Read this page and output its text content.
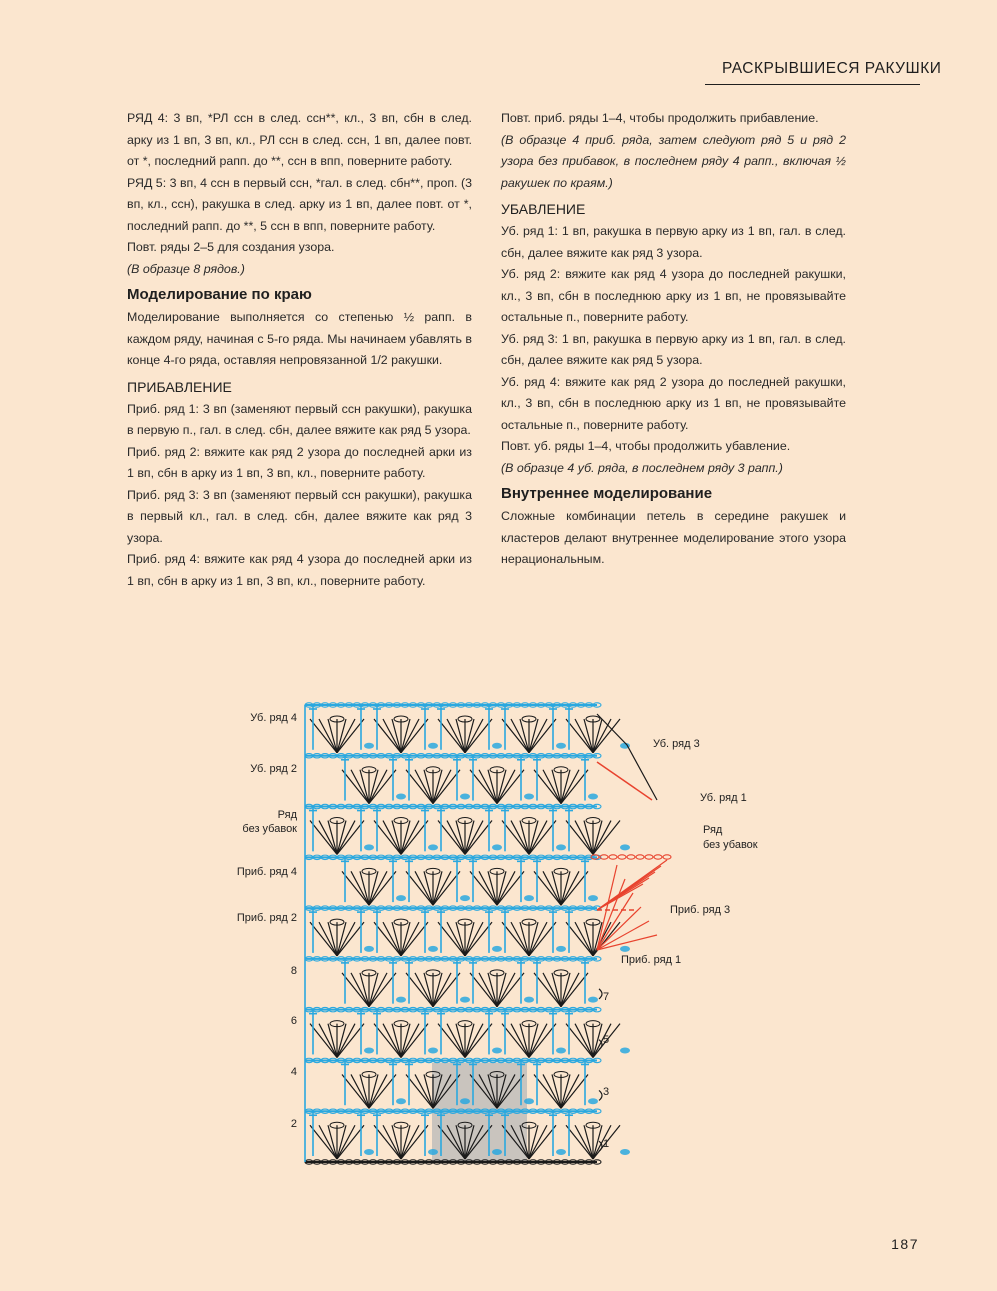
РАСКРЫВШИЕСЯ РАКУШКИ

РЯД 4: 3 вп, *РЛ ссн в след. ссн**, кл., 3 вп, сбн в след. арку из 1 вп, 3 вп, кл., РЛ ссн в след. ссн, 1 вп, далее повт. от *, последний рапп. до **, ссн в впп, поверните работу.

РЯД 5: 3 вп, 4 ссн в первый ссн, *гал. в след. сбн**, проп. (3 вп, кл., ссн), ракушка в след. арку из 1 вп, далее повт. от *, последний рапп. до **, 5 ссн в впп, поверните работу.

Повт. ряды 2–5 для создания узора.

(В образце 8 рядов.)

Моделирование по краю

Моделирование выполняется со степенью ½ рапп. в каждом ряду, начиная с 5-го ряда. Мы начинаем убавлять в конце 4-го ряда, оставляя непровязанной 1/2 ракушки.

ПРИБАВЛЕНИЕ

Приб. ряд 1: 3 вп (заменяют первый ссн ракушки), ракушка в первую п., гал. в след. сбн, далее вяжите как ряд 5 узора.

Приб. ряд 2: вяжите как ряд 2 узора до последней арки из 1 вп, сбн в арку из 1 вп, 3 вп, кл., поверните работу.

Приб. ряд 3: 3 вп (заменяют первый ссн ракушки), ракушка в первый кл., гал. в след. сбн, далее вяжите как ряд 3 узора.

Приб. ряд 4: вяжите как ряд 4 узора до последней арки из 1 вп, сбн в арку из 1 вп, 3 вп, кл., поверните работу.

Повт. приб. ряды 1–4, чтобы продолжить прибавление.

(В образце 4 приб. ряда, затем следуют ряд 5 и ряд 2 узора без прибавок, в последнем ряду 4 рапп., включая ½ ракушек по краям.)

УБАВЛЕНИЕ

Уб. ряд 1: 1 вп, ракушка в первую арку из 1 вп, гал. в след. сбн, далее вяжите как ряд 3 узора.

Уб. ряд 2: вяжите как ряд 4 узора до последней ракушки, кл., 3 вп, сбн в последнюю арку из 1 вп, не провязывайте остальные п., поверните работу.

Уб. ряд 3: 1 вп, ракушка в первую арку из 1 вп, гал. в след. сбн, далее вяжите как ряд 5 узора.

Уб. ряд 4: вяжите как ряд 2 узора до последней ракушки, кл., 3 вп, сбн в последнюю арку из 1 вп, не провязывайте остальные п., поверните работу.

Повт. уб. ряды 1–4, чтобы продолжить убавление.

(В образце 4 уб. ряда, в последнем ряду 3 рапп.)

Внутреннее моделирование

Сложные комбинации петель в середине ракушек и кластеров делают внутреннее моделирование этого узора нерациональным.

Уб. ряд 4
Уб. ряд 2
Ряд
без убавок
Приб. ряд 4
Приб. ряд 2
8
6
4
2
Уб. ряд 3
Уб. ряд 1
Ряд
без убавок
Приб. ряд 3
Приб. ряд 1
7
5
3
1
187
